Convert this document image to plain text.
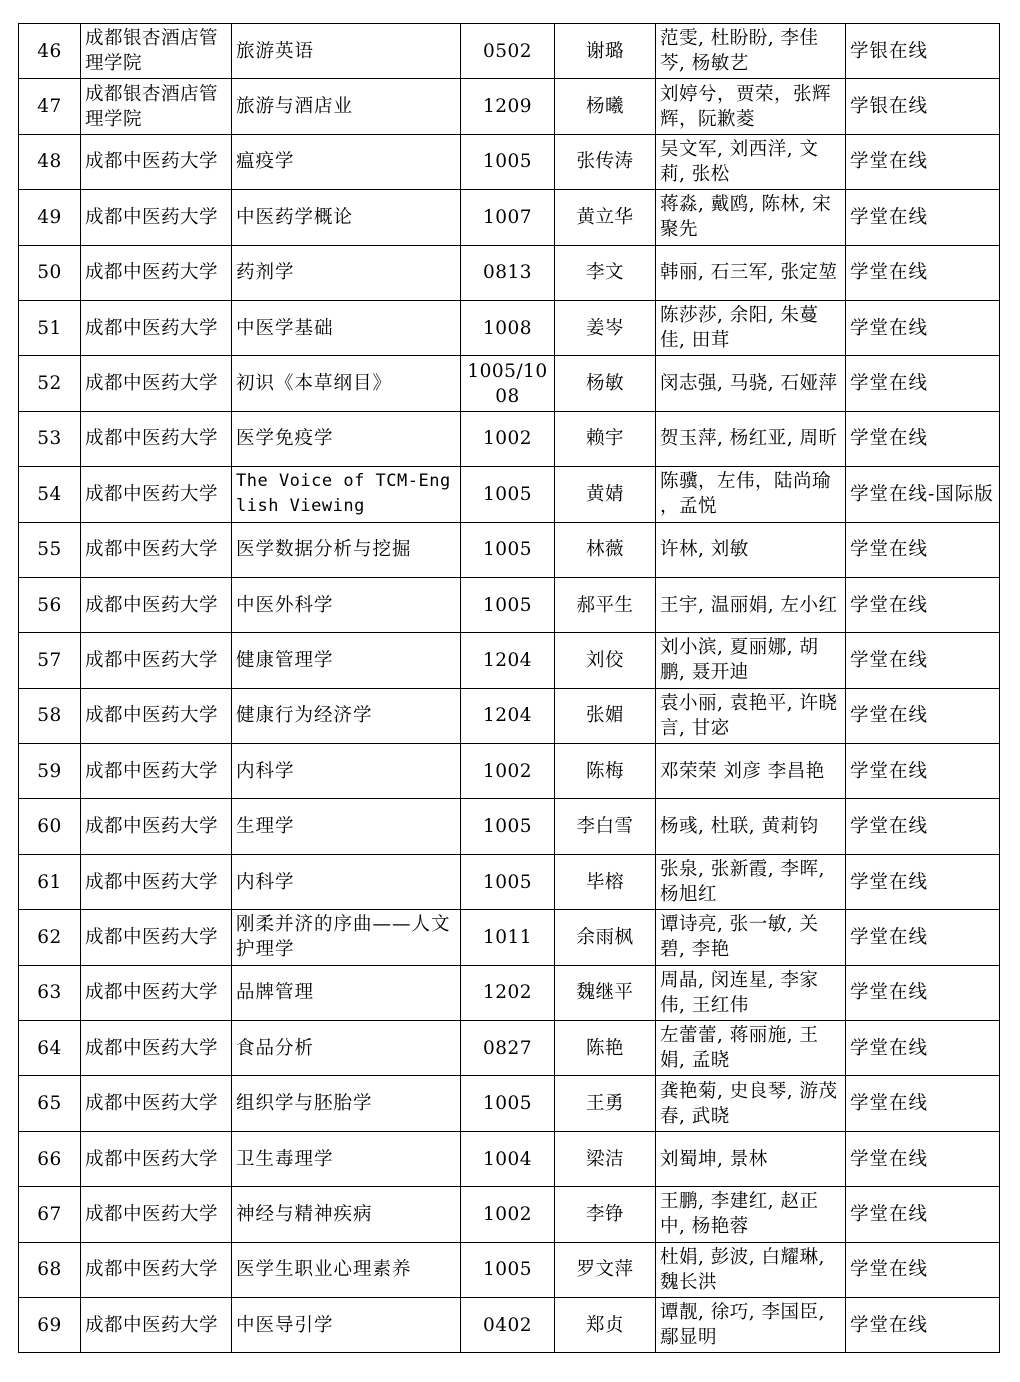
46	成都银杏酒店管理学院	旅游英语	0502	谢璐	范雯, 杜盼盼, 李佳芩, 杨敏艺	学银在线
47	成都银杏酒店管理学院	旅游与酒店业	1209	杨曦	刘婷兮，贾荣，张辉辉，阮歉菱	学银在线
48	成都中医药大学	瘟疫学	1005	张传涛	吴文军, 刘西洋, 文莉, 张松	学堂在线
49	成都中医药大学	中医药学概论	1007	黄立华	蒋淼, 戴鸥, 陈林, 宋聚先	学堂在线
50	成都中医药大学	药剂学	0813	李文	韩丽, 石三军, 张定堃	学堂在线
51	成都中医药大学	中医学基础	1008	姜岑	陈莎莎, 余阳, 朱蔓佳, 田茸	学堂在线
52	成都中医药大学	初识《本草纲目》	1005/1008	杨敏	闵志强, 马骁, 石娅萍	学堂在线
53	成都中医药大学	医学免疫学	1002	赖宇	贺玉萍, 杨红亚, 周昕	学堂在线
54	成都中医药大学	The Voice of TCM-English Viewing	1005	黄婧	陈骥，左伟，陆尚瑜 ，孟悦	学堂在线-国际版
55	成都中医药大学	医学数据分析与挖掘	1005	林薇	许林, 刘敏	学堂在线
56	成都中医药大学	中医外科学	1005	郝平生	王宇, 温丽娟, 左小红	学堂在线
57	成都中医药大学	健康管理学	1204	刘佼	刘小滨, 夏丽娜, 胡鹏, 聂开迪	学堂在线
58	成都中医药大学	健康行为经济学	1204	张媚	袁小丽, 袁艳平, 许晓言, 甘宓	学堂在线
59	成都中医药大学	内科学	1002	陈梅	邓荣荣 刘彦 李昌艳	学堂在线
60	成都中医药大学	生理学	1005	李白雪	杨彧, 杜联, 黄莉钧	学堂在线
61	成都中医药大学	内科学	1005	毕榕	张泉, 张新霞, 李晖, 杨旭红	学堂在线
62	成都中医药大学	刚柔并济的序曲——人文护理学	1011	余雨枫	谭诗亮, 张一敏, 关碧, 李艳	学堂在线
63	成都中医药大学	品牌管理	1202	魏继平	周晶, 闵连星, 李家伟, 王红伟	学堂在线
64	成都中医药大学	食品分析	0827	陈艳	左蕾蕾, 蒋丽施, 王娟, 孟晓	学堂在线
65	成都中医药大学	组织学与胚胎学	1005	王勇	龚艳菊, 史良琴, 游茂春, 武晓	学堂在线
66	成都中医药大学	卫生毒理学	1004	梁洁	刘蜀坤, 景林	学堂在线
67	成都中医药大学	神经与精神疾病	1002	李铮	王鹏, 李建红, 赵正中, 杨艳蓉	学堂在线
68	成都中医药大学	医学生职业心理素养	1005	罗文萍	杜娟, 彭波, 白耀琳, 魏长洪	学堂在线
69	成都中医药大学	中医导引学	0402	郑贞	谭靓, 徐巧, 李国臣, 鄢显明	学堂在线
